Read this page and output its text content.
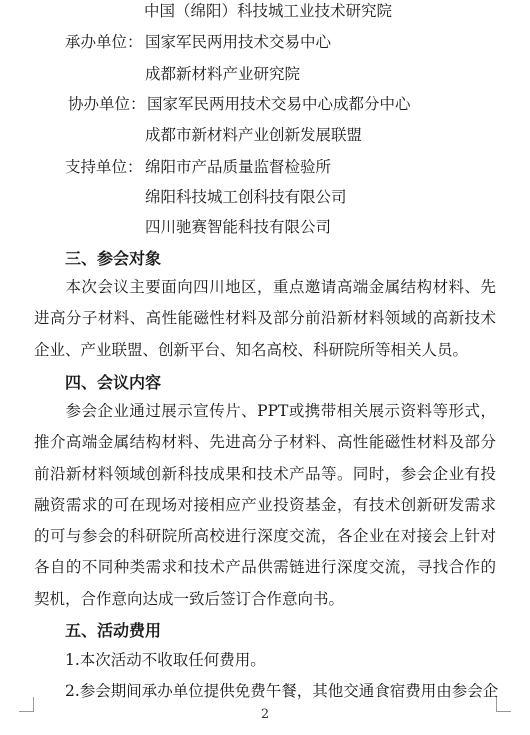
中国（绵阳）科技城工业技术研究院
承办单位： 国家军民两用技术交易中心
成都新材料产业研究院
协办单位： 国家军民两用技术交易中心成都分中心
成都市新材料产业创新发展联盟
支持单位： 绵阳市产品质量监督检验所
绵阳科技城工创科技有限公司
四川驰赛智能科技有限公司
三、参会对象
本次会议主要面向四川地区，重点邀请高端金属结构材料、先进高分子材料、高性能磁性材料及部分前沿新材料领域的高新技术企业、产业联盟、创新平台、知名高校、科研院所等相关人员。
四、会议内容
参会企业通过展示宣传片、PPT或携带相关展示资料等形式，推介高端金属结构材料、先进高分子材料、高性能磁性材料及部分前沿新材料领域创新科技成果和技术产品等。同时，参会企业有投融资需求的可在现场对接相应产业投资基金，有技术创新研发需求的可与参会的科研院所高校进行深度交流，各企业在对接会上针对各自的不同种类需求和技术产品供需链进行深度交流，寻找合作的契机，合作意向达成一致后签订合作意向书。
五、活动费用
1.本次活动不收取任何费用。
2.参会期间承办单位提供免费午餐，其他交通食宿费用由参会企
2
